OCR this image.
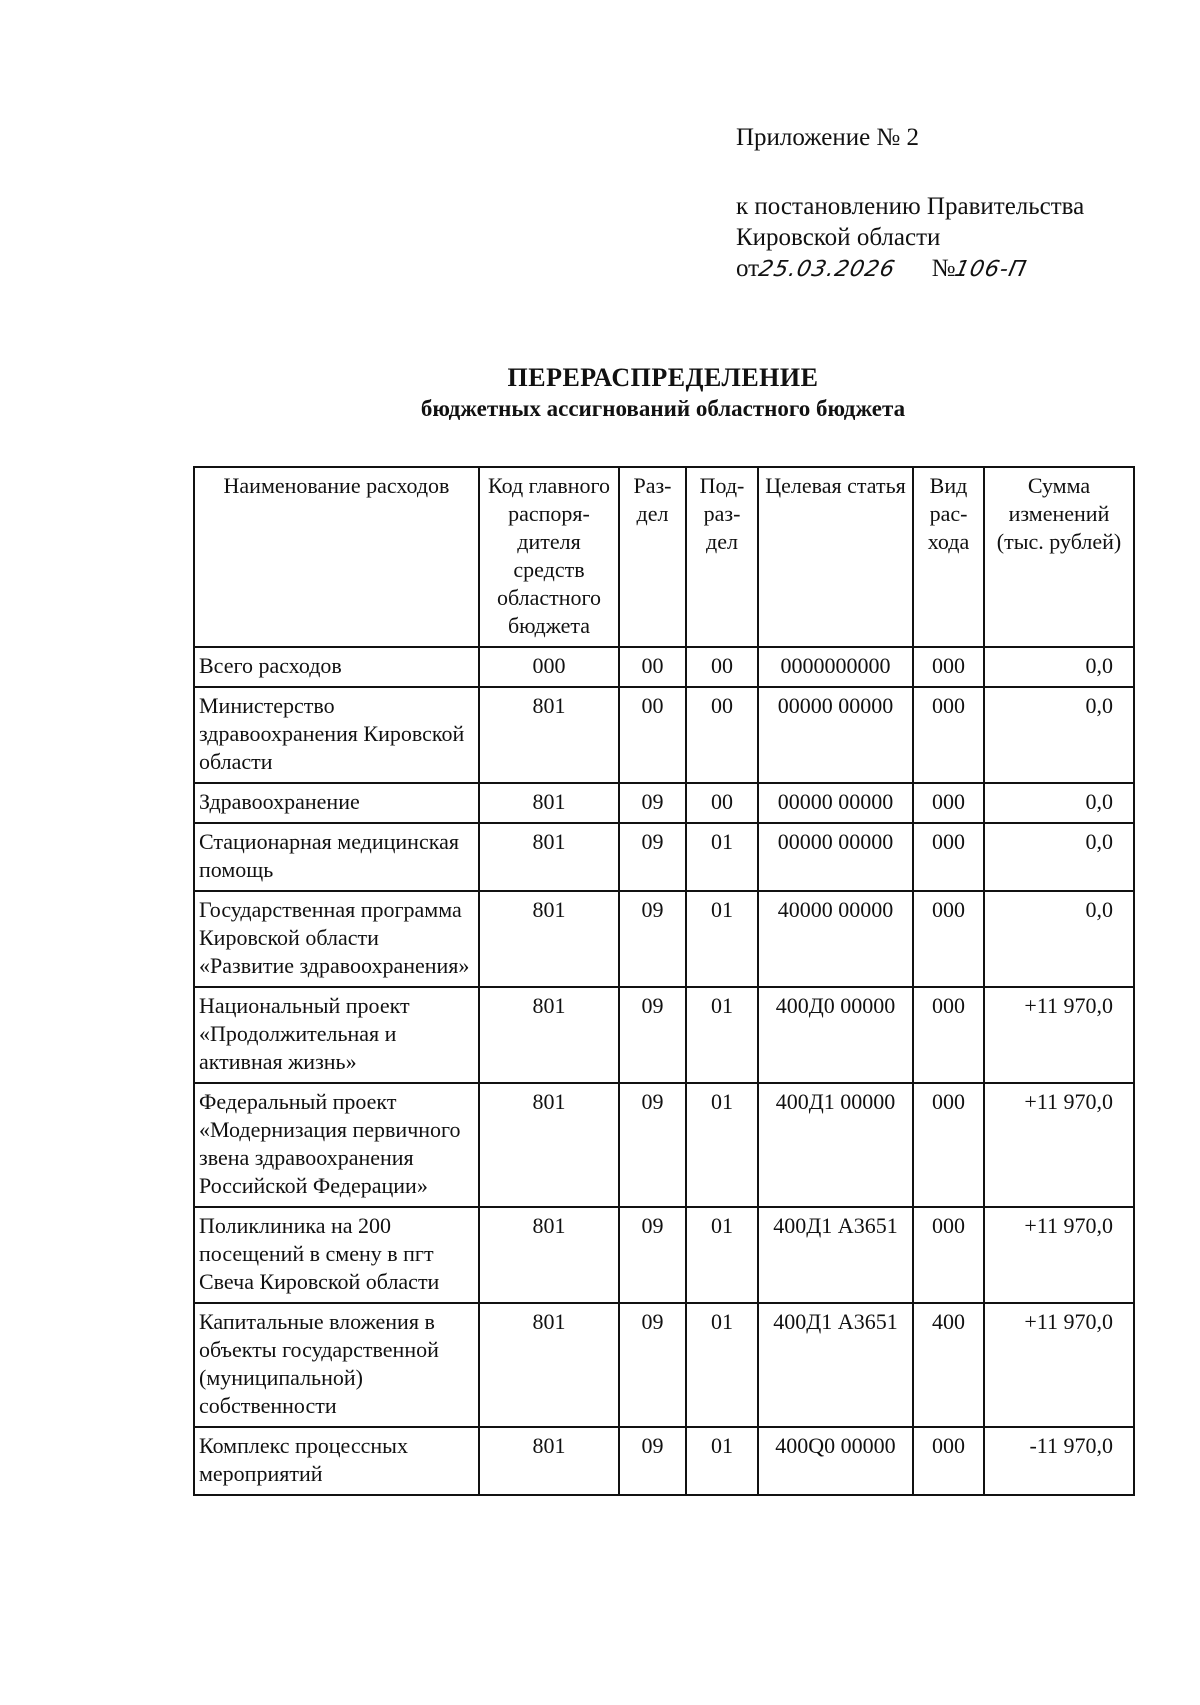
Приложение № 2
к постановлению Правительства
Кировской области
от25.03.2026 №106-П
ПЕРЕРАСПРЕДЕЛЕНИЕ
бюджетных ассигнований областного бюджета
Наименование расходов	Код главного распоря-дителя средств областного бюджета	Раз-дел	Под-раз-дел	Целевая статья	Вид рас-хода	Сумма изменений (тыс. рублей)
Всего расходов	000	00	00	0000000000	000	0,0
Министерство здравоохранения Кировской области	801	00	00	00000 00000	000	0,0
Здравоохранение	801	09	00	00000 00000	000	0,0
Стационарная медицинская помощь	801	09	01	00000 00000	000	0,0
Государственная программа Кировской области «Развитие здравоохранения»	801	09	01	40000 00000	000	0,0
Национальный проект «Продолжительная и активная жизнь»	801	09	01	400Д0 00000	000	+11 970,0
Федеральный проект «Модернизация первичного звена здравоохранения Российской Федерации»	801	09	01	400Д1 00000	000	+11 970,0
Поликлиника на 200 посещений в смену в пгт Свеча Кировской области	801	09	01	400Д1 А3651	000	+11 970,0
Капитальные вложения в объекты государственной (муниципальной) собственности	801	09	01	400Д1 А3651	400	+11 970,0
Комплекс процессных мероприятий	801	09	01	400Q0 00000	000	-11 970,0
